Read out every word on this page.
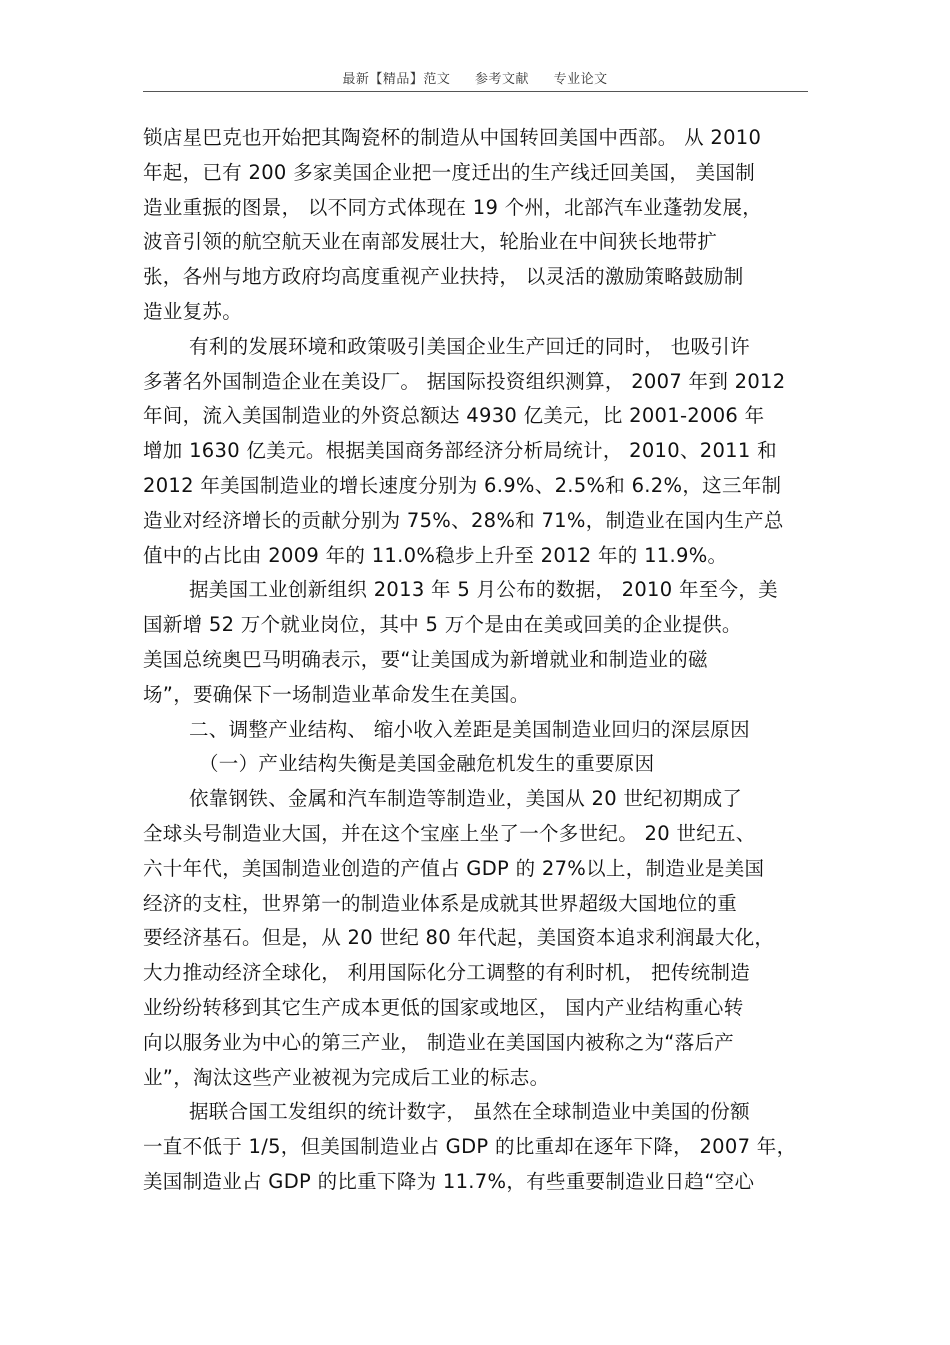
最新【精品】范文 参考文献 专业论文
锁店星巴克也开始把其陶瓷杯的制造从中国转回美国中西部。 从 2010
年起，已有 200 多家美国企业把一度迁出的生产线迁回美国， 美国制
造业重振的图景， 以不同方式体现在 19 个州，北部汽车业蓬勃发展，
波音引领的航空航天业在南部发展壮大，轮胎业在中间狭长地带扩
张，各州与地方政府均高度重视产业扶持， 以灵活的激励策略鼓励制
造业复苏。
有利的发展环境和政策吸引美国企业生产回迁的同时， 也吸引许
多著名外国制造企业在美设厂。 据国际投资组织测算， 2007 年到 2012
年间，流入美国制造业的外资总额达 4930 亿美元，比 2001-2006 年
增加 1630 亿美元。根据美国商务部经济分析局统计， 2010、2011 和
2012 年美国制造业的增长速度分别为 6.9%、2.5%和 6.2%，这三年制
造业对经济增长的贡献分别为 75%、28%和 71%，制造业在国内生产总
值中的占比由 2009 年的 11.0%稳步上升至 2012 年的 11.9%。
据美国工业创新组织 2013 年 5 月公布的数据， 2010 年至今，美
国新增 52 万个就业岗位，其中 5 万个是由在美或回美的企业提供。
美国总统奥巴马明确表示，要“让美国成为新增就业和制造业的磁
场”，要确保下一场制造业革命发生在美国。
二、调整产业结构、 缩小收入差距是美国制造业回归的深层原因
（一）产业结构失衡是美国金融危机发生的重要原因
依靠钢铁、金属和汽车制造等制造业，美国从 20 世纪初期成了
全球头号制造业大国，并在这个宝座上坐了一个多世纪。 20 世纪五、
六十年代，美国制造业创造的产值占 GDP 的 27%以上，制造业是美国
经济的支柱，世界第一的制造业体系是成就其世界超级大国地位的重
要经济基石。但是，从 20 世纪 80 年代起，美国资本追求利润最大化，
大力推动经济全球化， 利用国际化分工调整的有利时机， 把传统制造
业纷纷转移到其它生产成本更低的国家或地区， 国内产业结构重心转
向以服务业为中心的第三产业， 制造业在美国国内被称之为“落后产
业”，淘汰这些产业被视为完成后工业的标志。
据联合国工发组织的统计数字， 虽然在全球制造业中美国的份额
一直不低于 1/5，但美国制造业占 GDP 的比重却在逐年下降， 2007 年，
美国制造业占 GDP 的比重下降为 11.7%，有些重要制造业日趋“空心
